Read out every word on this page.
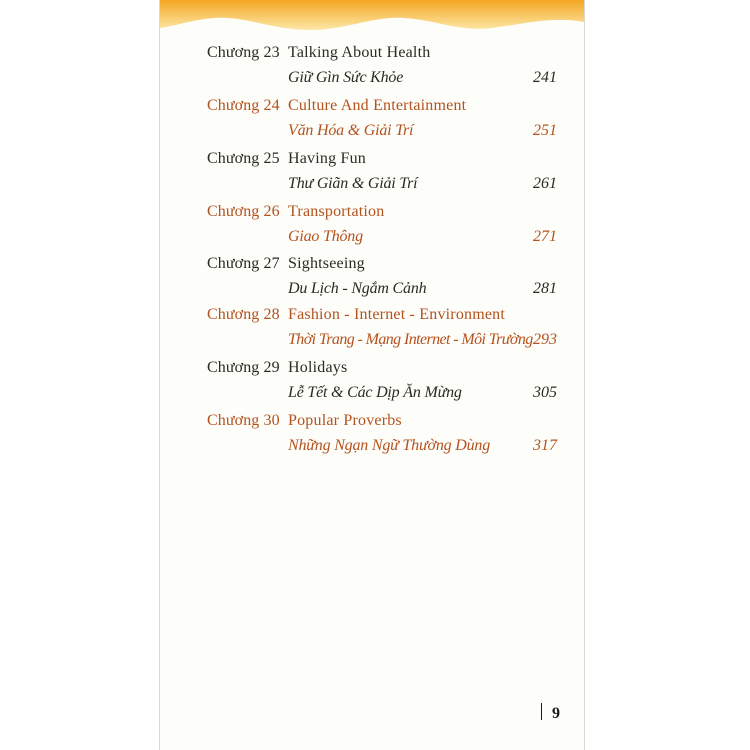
Chương 23 Talking About Health
Giữ Gìn Sức Khỏe	241
Chương 24 Culture And Entertainment
Văn Hóa & Giải Trí	251
Chương 25 Having Fun
Thư Giãn & Giải Trí	261
Chương 26 Transportation
Giao Thông	271
Chương 27 Sightseeing
Du Lịch - Ngắm Cảnh	281
Chương 28 Fashion - Internet - Environment
Thời Trang - Mạng Internet - Môi Trường 293
Chương 29 Holidays
Lễ Tết & Các Dịp Ăn Mừng	305
Chương 30 Popular Proverbs
Những Ngạn Ngữ Thường Dùng	317
9
